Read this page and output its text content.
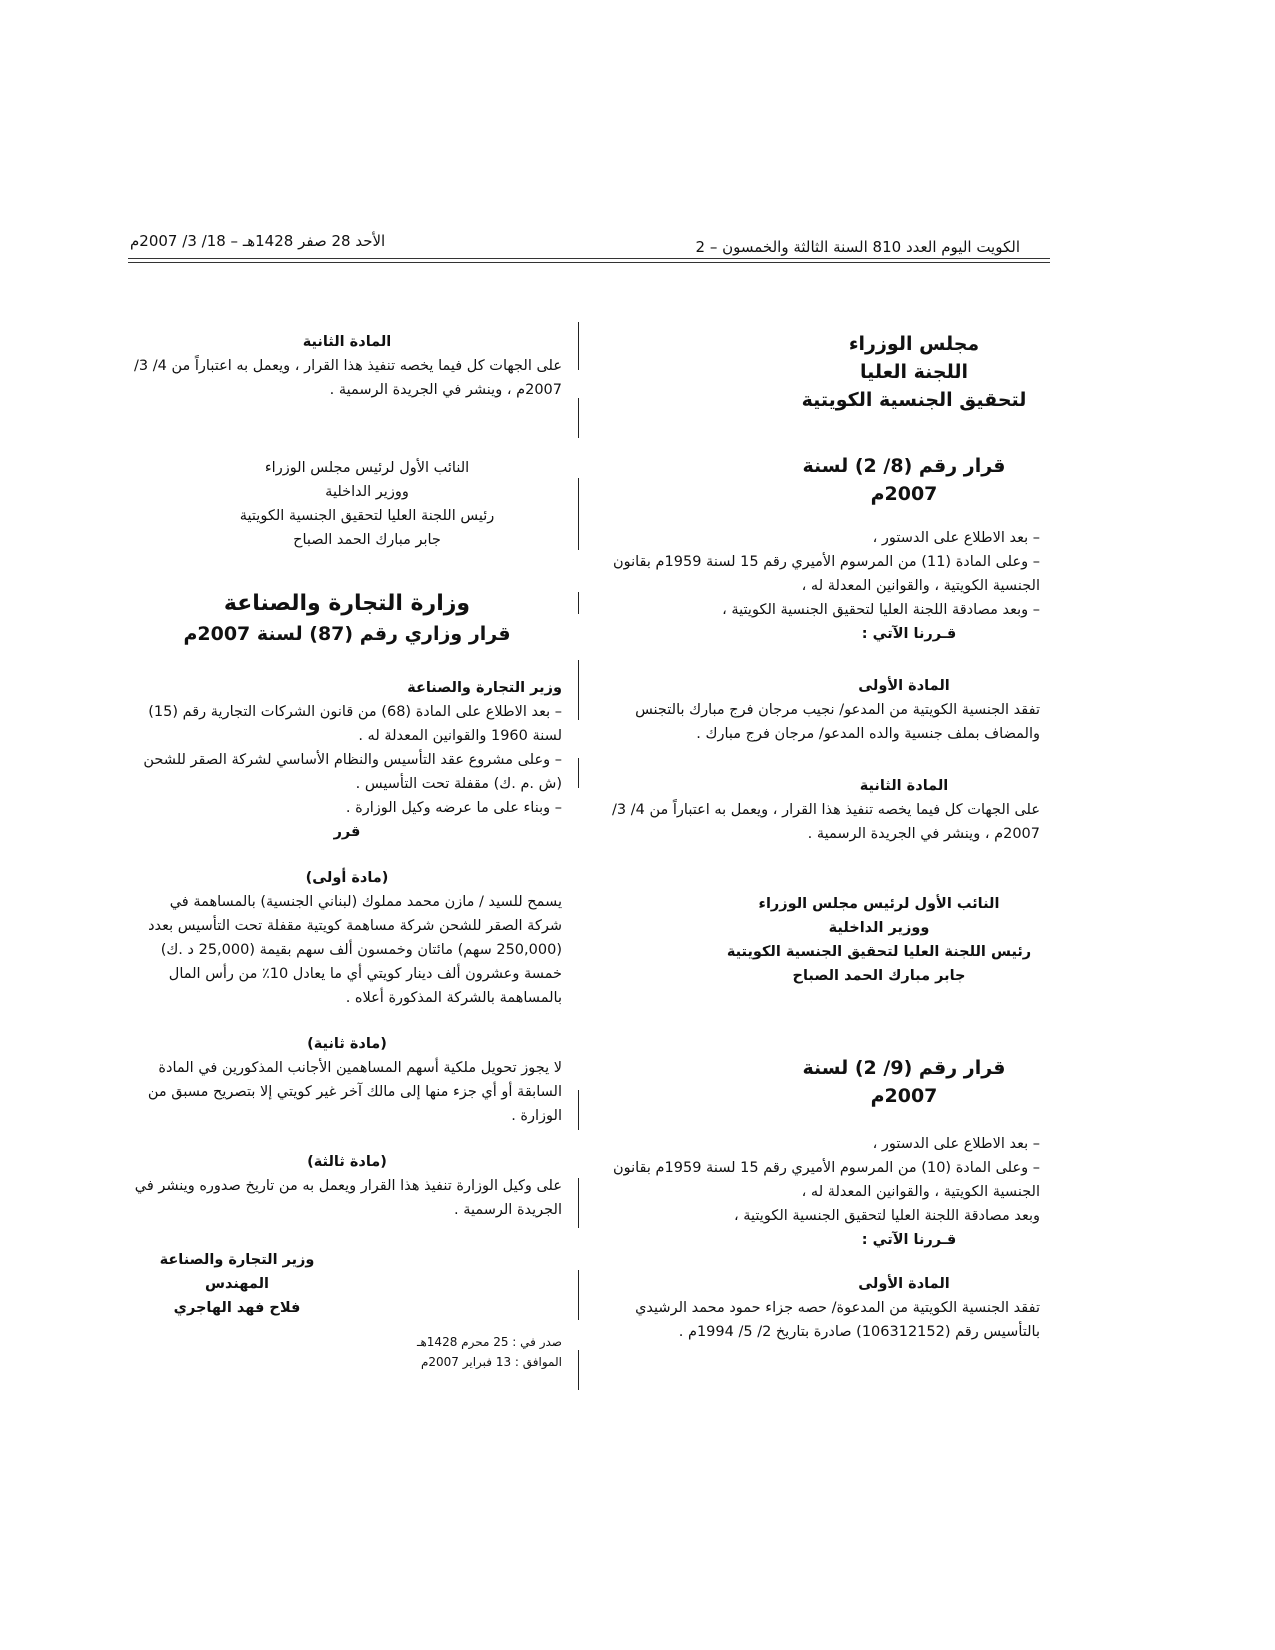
الكويت اليوم العدد 810 السنة الثالثة والخمسون – 2
الأحد 28 صفر 1428هـ – 18/ 3/ 2007م
مجلس الوزراء
اللجنة العليا
لتحقيق الجنسية الكويتية
قرار رقم (8/ 2) لسنة 2007م

– بعد الاطلاع على الدستور ،

– وعلى المادة (11) من المرسوم الأميري رقم 15 لسنة 1959م بقانون الجنسية الكويتية ، والقوانين المعدلة له ،

– وبعد مصادقة اللجنة العليا لتحقيق الجنسية الكويتية ،

قـررنا الآتي :
المادة الأولى

تفقد الجنسية الكويتية من المدعو/ نجيب مرجان فرج مبارك بالتجنس والمضاف بملف جنسية والده المدعو/ مرجان فرج مبارك .

المادة الثانية

على الجهات كل فيما يخصه تنفيذ هذا القرار ، ويعمل به اعتباراً من 4/ 3/ 2007م ، وينشر في الجريدة الرسمية .

النائب الأول لرئيس مجلس الوزراء
ووزير الداخلية
رئيس اللجنة العليا لتحقيق الجنسية الكويتية
جابر مبارك الحمد الصباح
قرار رقم (9/ 2) لسنة 2007م

– بعد الاطلاع على الدستور ،

– وعلى المادة (10) من المرسوم الأميري رقم 15 لسنة 1959م بقانون الجنسية الكويتية ، والقوانين المعدلة له ،

وبعد مصادقة اللجنة العليا لتحقيق الجنسية الكويتية ،

قـررنا الآتي :
المادة الأولى

تفقد الجنسية الكويتية من المدعوة/ حصه جزاء حمود محمد الرشيدي بالتأسيس رقم (106312152) صادرة بتاريخ 2/ 5/ 1994م .

المادة الثانية

على الجهات كل فيما يخصه تنفيذ هذا القرار ، ويعمل به اعتباراً من 4/ 3/ 2007م ، وينشر في الجريدة الرسمية .

النائب الأول لرئيس مجلس الوزراء
ووزير الداخلية
رئيس اللجنة العليا لتحقيق الجنسية الكويتية
جابر مبارك الحمد الصباح
وزارة التجارة والصناعة
قرار وزاري رقم (87) لسنة 2007م
وزير التجارة والصناعة

– بعد الاطلاع على المادة (68) من قانون الشركات التجارية رقم (15) لسنة 1960 والقوانين المعدلة له .

– وعلى مشروع عقد التأسيس والنظام الأساسي لشركة الصقر للشحن (ش .م .ك) مقفلة تحت التأسيس .

– وبناء على ما عرضه وكيل الوزارة .

قرر
(مادة أولى)

يسمح للسيد / مازن محمد مملوك (لبناني الجنسية) بالمساهمة في شركة الصقر للشحن شركة مساهمة كويتية مقفلة تحت التأسيس بعدد (250,000 سهم) مائتان وخمسون ألف سهم بقيمة (25,000 د .ك) خمسة وعشرون ألف دينار كويتي أي ما يعادل 10٪ من رأس المال بالمساهمة بالشركة المذكورة أعلاه .

(مادة ثانية)

لا يجوز تحويل ملكية أسهم المساهمين الأجانب المذكورين في المادة السابقة أو أي جزء منها إلى مالك آخر غير كويتي إلا بتصريح مسبق من الوزارة .

(مادة ثالثة)

على وكيل الوزارة تنفيذ هذا القرار ويعمل به من تاريخ صدوره وينشر في الجريدة الرسمية .

وزير التجارة والصناعة
المهندس
فلاح فهد الهاجري
صدر في : 25 محرم 1428هـ
الموافق : 13 فبراير 2007م
